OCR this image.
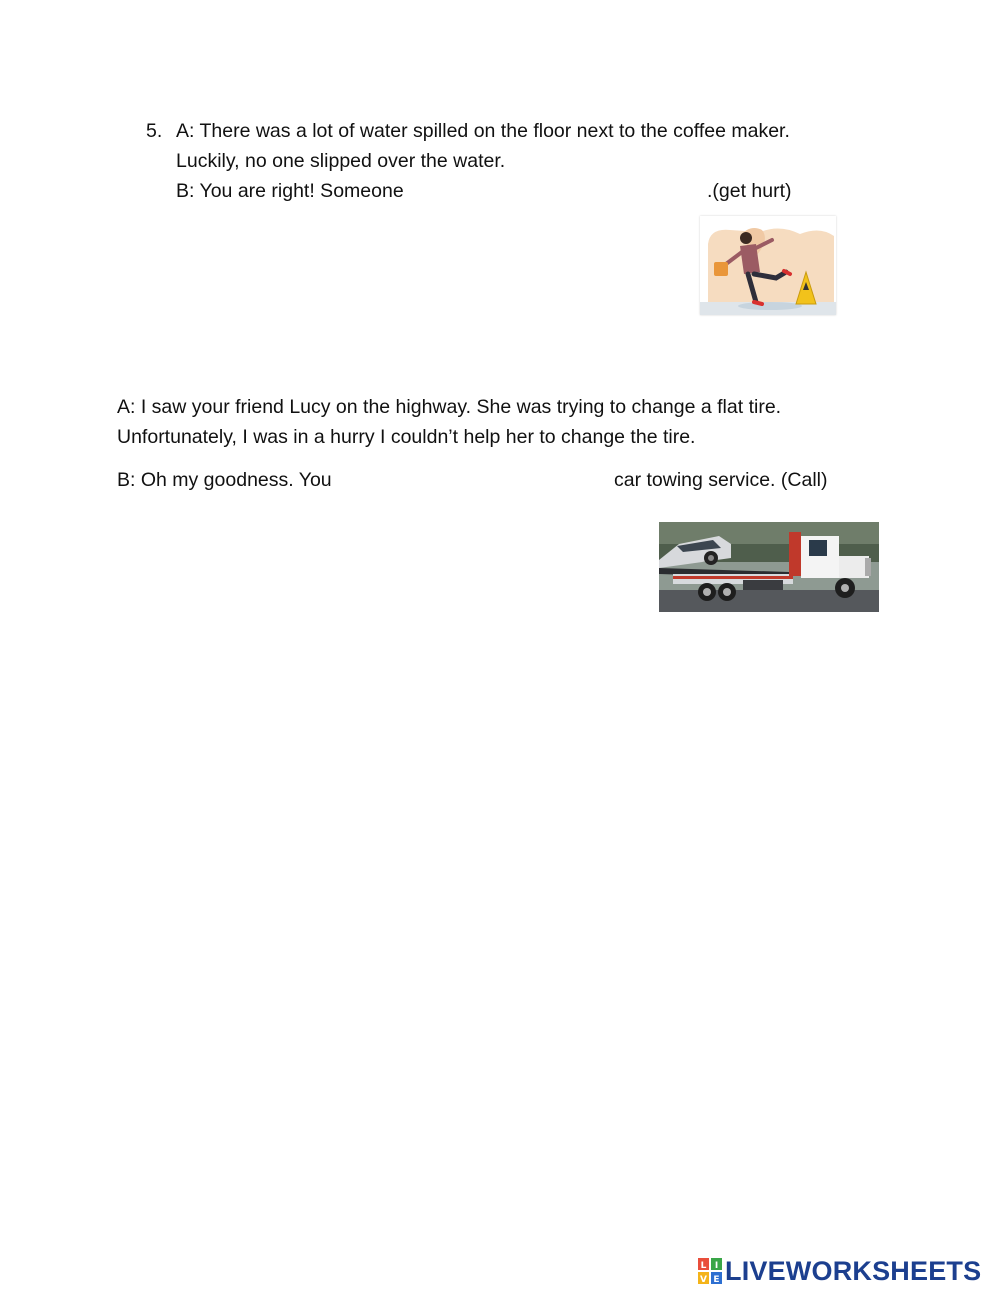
5. A: There was a lot of water spilled on the floor next to the coffee maker.
Luckily, no one slipped over the water.
B: You are right! Someone	.(get hurt)
A: I saw your friend Lucy on the highway. She was trying to change a flat tire.
Unfortunately, I was in a hurry I couldn’t help her to change the tire.
B: Oh my goodness. You	car towing service. (Call)
L I
V E LIVEWORKSHEETS
